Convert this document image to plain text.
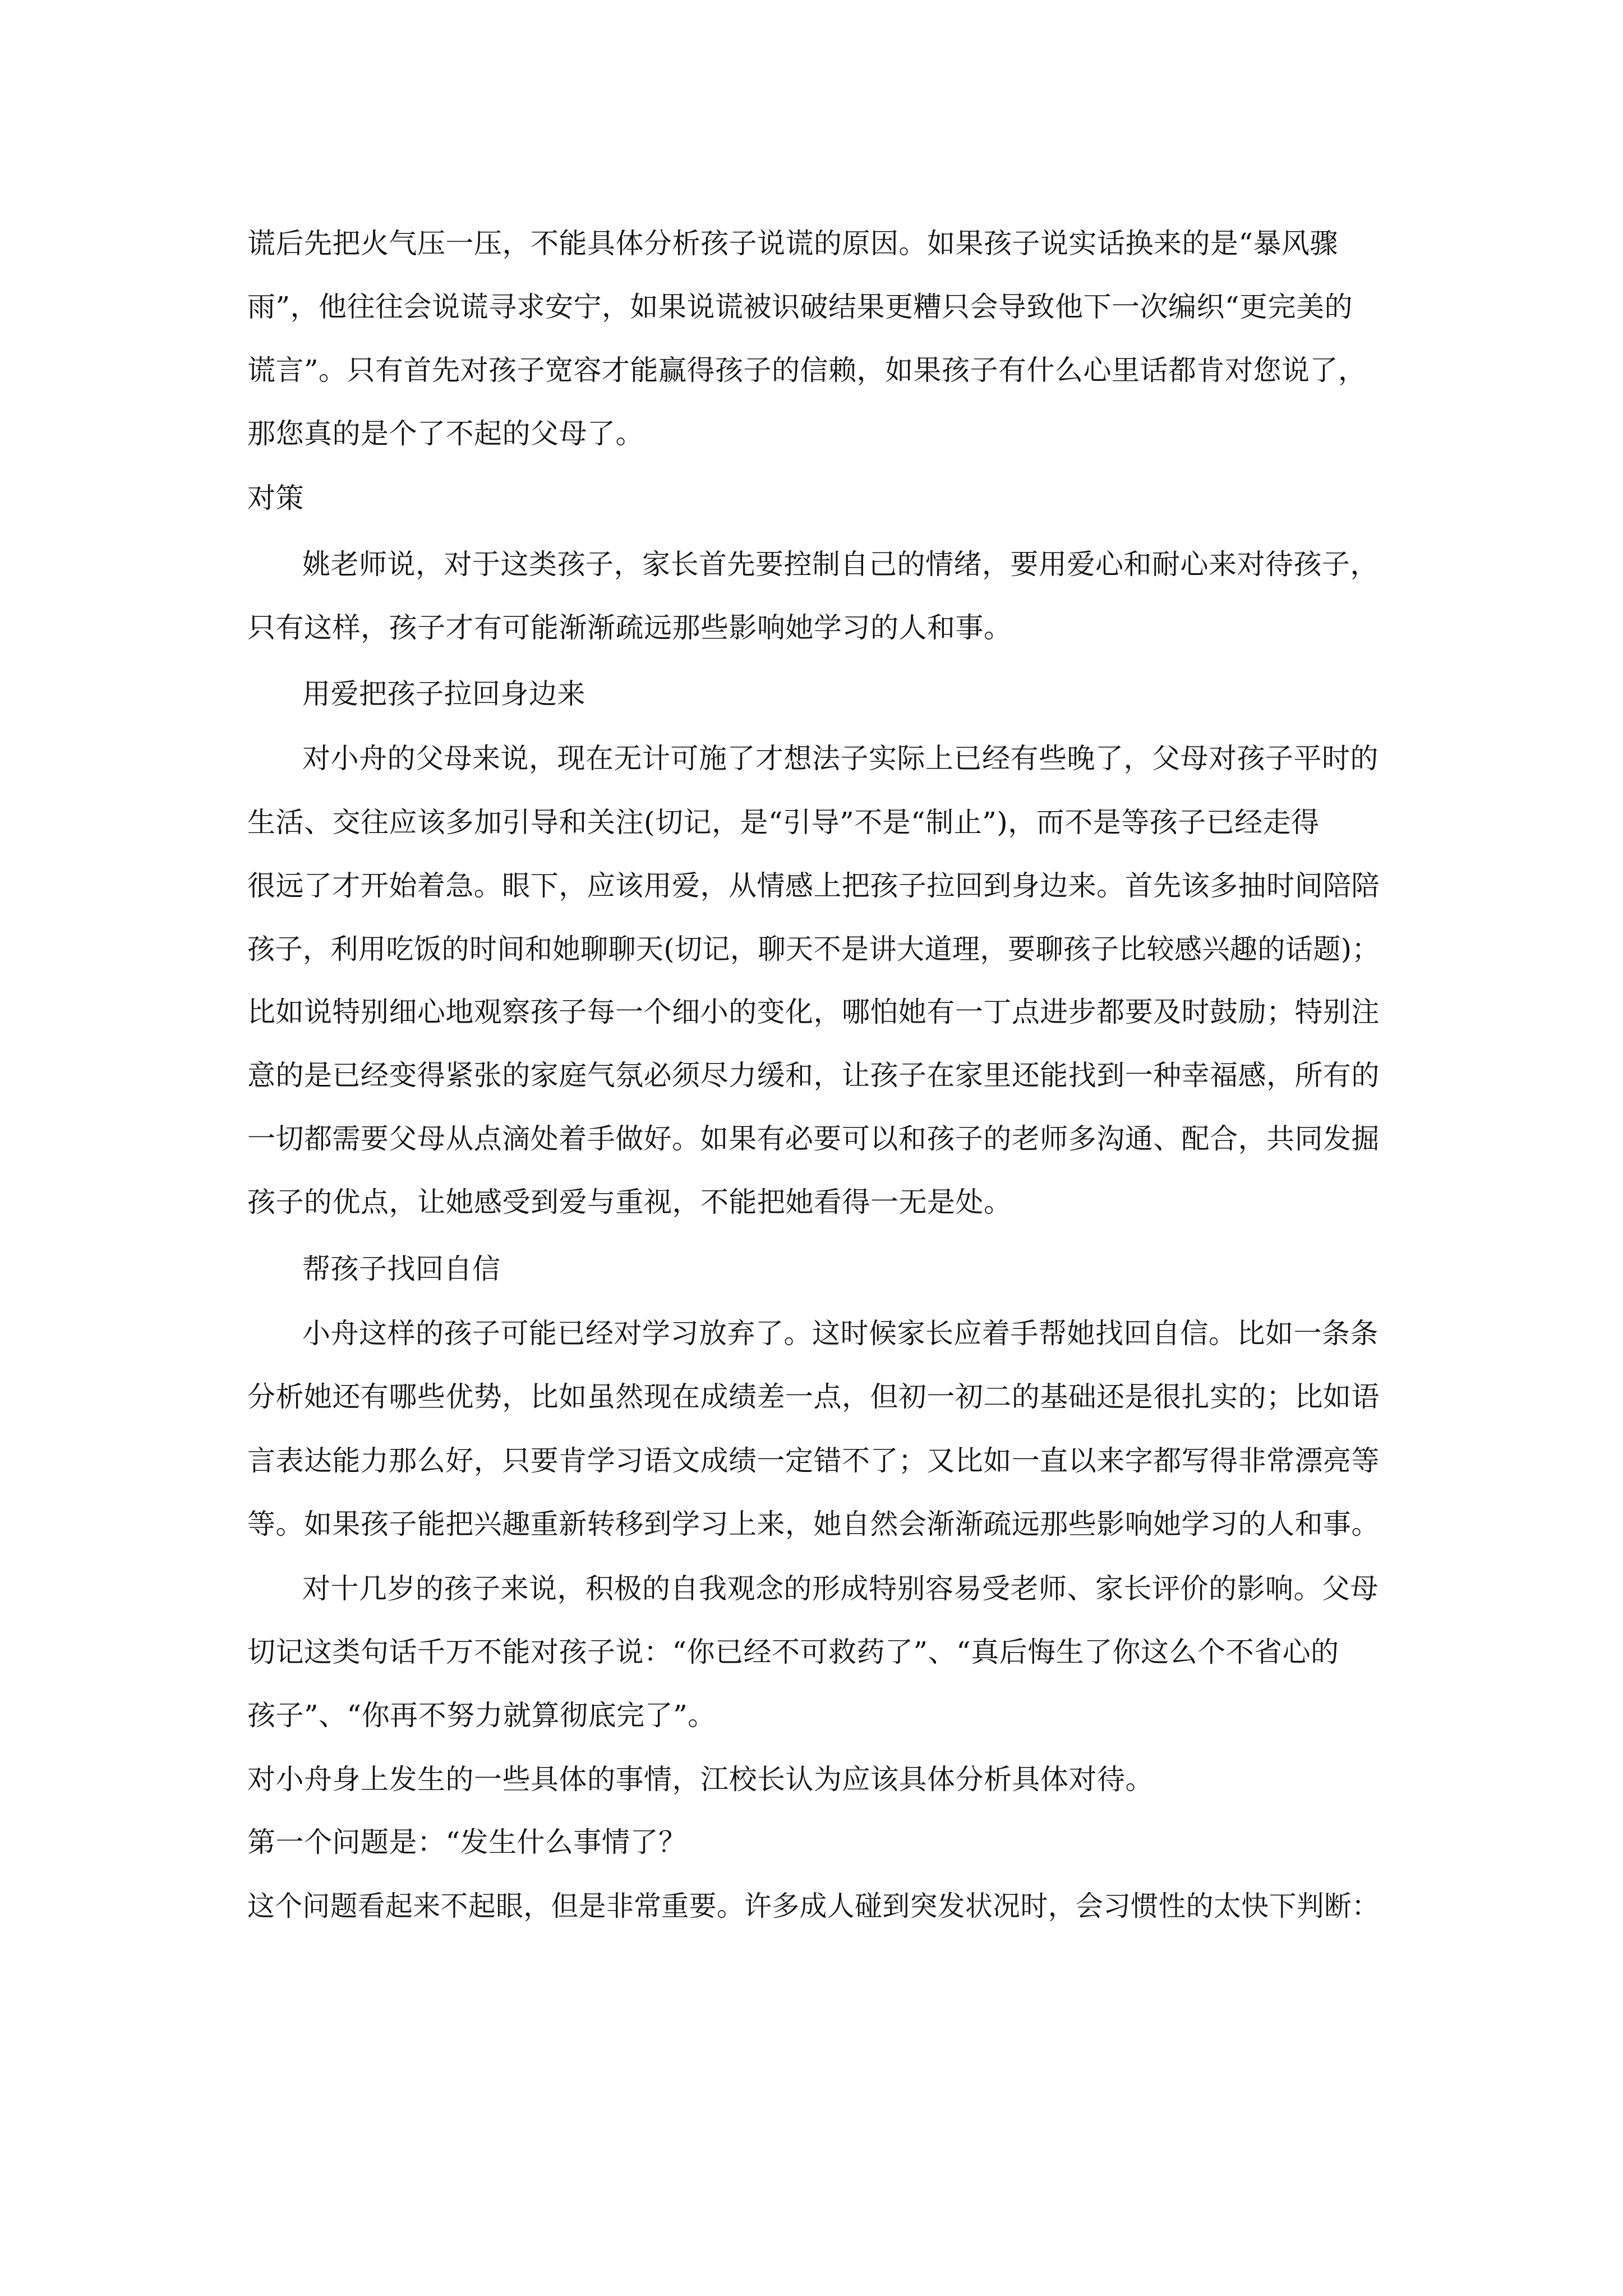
谎后先把火气压一压，不能具体分析孩子说谎的原因。如果孩子说实话换来的是“暴风骤
雨”，他往往会说谎寻求安宁，如果说谎被识破结果更糟只会导致他下一次编织“更完美的
谎言”。只有首先对孩子宽容才能赢得孩子的信赖，如果孩子有什么心里话都肯对您说了，
那您真的是个了不起的父母了。
对策
姚老师说，对于这类孩子，家长首先要控制自己的情绪，要用爱心和耐心来对待孩子，
只有这样，孩子才有可能渐渐疏远那些影响她学习的人和事。
用爱把孩子拉回身边来
对小舟的父母来说，现在无计可施了才想法子实际上已经有些晚了，父母对孩子平时的
生活、交往应该多加引导和关注(切记，是“引导”不是“制止”)，而不是等孩子已经走得
很远了才开始着急。眼下，应该用爱，从情感上把孩子拉回到身边来。首先该多抽时间陪陪
孩子，利用吃饭的时间和她聊聊天(切记，聊天不是讲大道理，要聊孩子比较感兴趣的话题)；
比如说特别细心地观察孩子每一个细小的变化，哪怕她有一丁点进步都要及时鼓励；特别注
意的是已经变得紧张的家庭气氛必须尽力缓和，让孩子在家里还能找到一种幸福感，所有的
一切都需要父母从点滴处着手做好。如果有必要可以和孩子的老师多沟通、配合，共同发掘
孩子的优点，让她感受到爱与重视，不能把她看得一无是处。
帮孩子找回自信
小舟这样的孩子可能已经对学习放弃了。这时候家长应着手帮她找回自信。比如一条条
分析她还有哪些优势，比如虽然现在成绩差一点，但初一初二的基础还是很扎实的；比如语
言表达能力那么好，只要肯学习语文成绩一定错不了；又比如一直以来字都写得非常漂亮等
等。如果孩子能把兴趣重新转移到学习上来，她自然会渐渐疏远那些影响她学习的人和事。
对十几岁的孩子来说，积极的自我观念的形成特别容易受老师、家长评价的影响。父母
切记这类句话千万不能对孩子说：“你已经不可救药了”、“真后悔生了你这么个不省心的
孩子”、“你再不努力就算彻底完了”。
对小舟身上发生的一些具体的事情，江校长认为应该具体分析具体对待。
第一个问题是：“发生什么事情了？
这个问题看起来不起眼，但是非常重要。许多成人碰到突发状况时，会习惯性的太快下判断：
